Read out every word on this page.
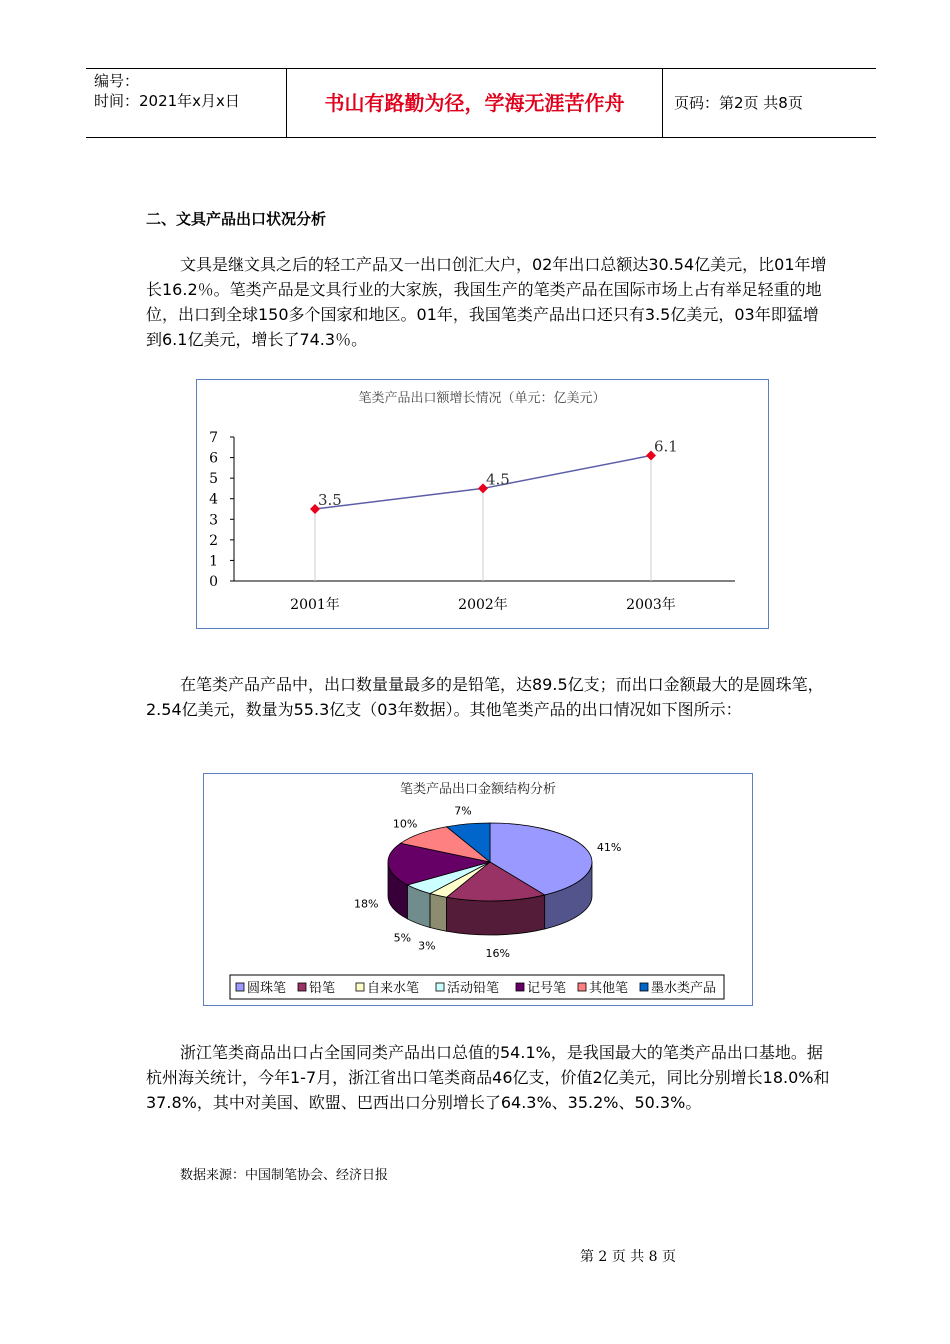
编号：
时间：2021年x月x日	书山有路勤为径，学海无涯苦作舟	页码：第2页 共8页
二、文具产品出口状况分析

文具是继文具之后的轻工产品又一出口创汇大户，02年出口总额达30.54亿美元，比01年增长16.2％。笔类产品是文具行业的大家族，我国生产的笔类产品在国际市场上占有举足轻重的地位，出口到全球150多个国家和地区。01年，我国笔类产品出口还只有3.5亿美元，03年即猛增到6.1亿美元，增长了74.3％。

笔类产品出口额增长情况（单元：亿美元）
0
1
2
3
4
5
6
7
2001年	2002年	2003年
3.5
4.5
6.1

在笔类产品产品中，出口数量量最多的是铅笔，达89.5亿支；而出口金额最大的是圆珠笔，2.54亿美元，数量为55.3亿支（03年数据）。其他笔类产品的出口情况如下图所示：

笔类产品出口金额结构分析
41%
16%
3%
5%
18%
10%
7%
圆珠笔 铅笔 自来水笔 活动铅笔 记号笔 其他笔 墨水类产品

浙江笔类商品出口占全国同类产品出口总值的54.1%，是我国最大的笔类产品出口基地。据杭州海关统计，今年1-7月，浙江省出口笔类商品46亿支，价值2亿美元，同比分别增长18.0%和37.8%，其中对美国、欧盟、巴西出口分别增长了64.3%、35.2%、50.3%。

数据来源：中国制笔协会、经济日报
第 2 页 共 8 页
